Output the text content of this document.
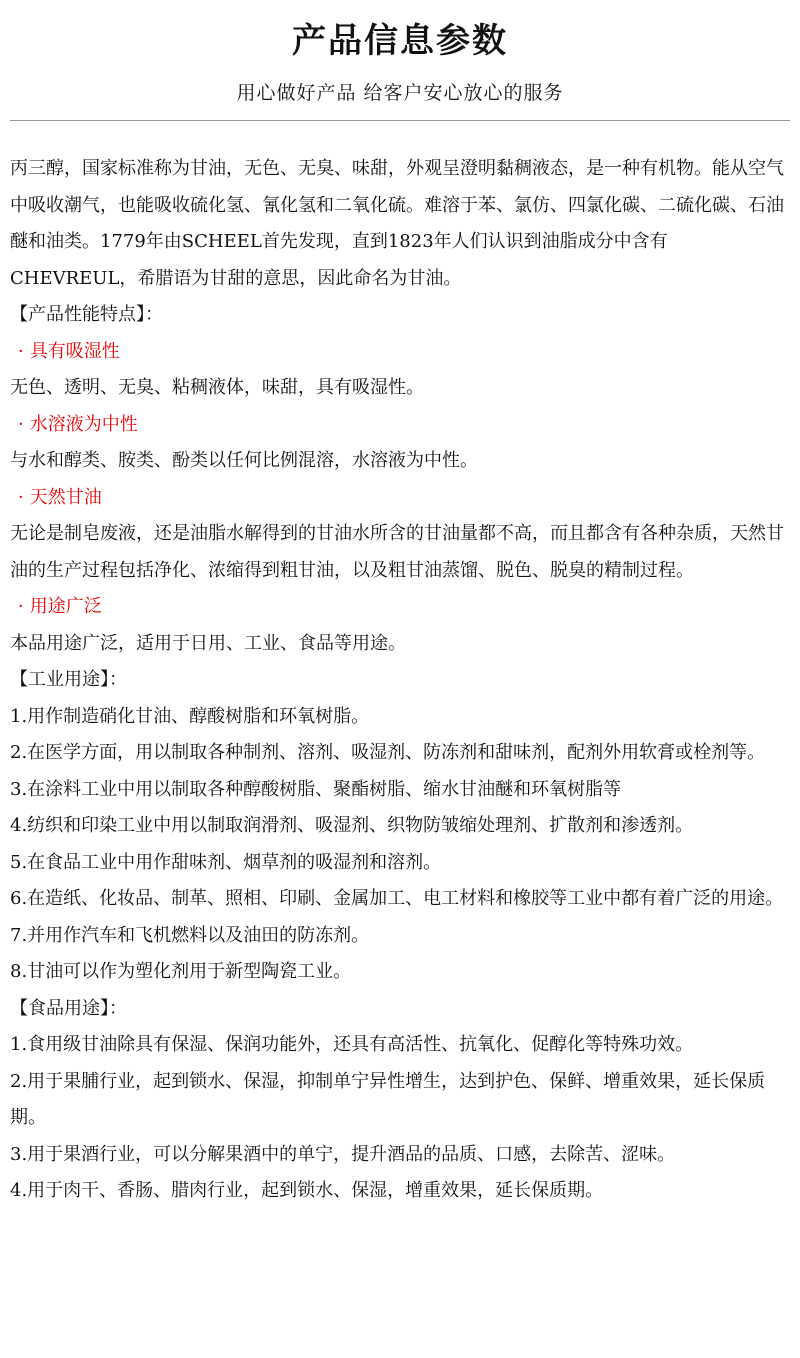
产品信息参数
用心做好产品 给客户安心放心的服务

丙三醇，国家标准称为甘油，无色、无臭、味甜，外观呈澄明黏稠液态，是一种有机物。能从空气中吸收潮气，也能吸收硫化氢、氰化氢和二氧化硫。难溶于苯、氯仿、四氯化碳、二硫化碳、石油醚和油类。1779年由SCHEEL首先发现，直到1823年人们认识到油脂成分中含有CHEVREUL，希腊语为甘甜的意思，因此命名为甘油。

【产品性能特点】：

· 具有吸湿性

无色、透明、无臭、粘稠液体，味甜，具有吸湿性。

· 水溶液为中性

与水和醇类、胺类、酚类以任何比例混溶，水溶液为中性。

· 天然甘油

无论是制皂废液，还是油脂水解得到的甘油水所含的甘油量都不高，而且都含有各种杂质，天然甘油的生产过程包括净化、浓缩得到粗甘油，以及粗甘油蒸馏、脱色、脱臭的精制过程。

· 用途广泛

本品用途广泛，适用于日用、工业、食品等用途。

【工业用途】：

1.用作制造硝化甘油、醇酸树脂和环氧树脂。

2.在医学方面，用以制取各种制剂、溶剂、吸湿剂、防冻剂和甜味剂，配剂外用软膏或栓剂等。

3.在涂料工业中用以制取各种醇酸树脂、聚酯树脂、缩水甘油醚和环氧树脂等

4.纺织和印染工业中用以制取润滑剂、吸湿剂、织物防皱缩处理剂、扩散剂和渗透剂。

5.在食品工业中用作甜味剂、烟草剂的吸湿剂和溶剂。

6.在造纸、化妆品、制革、照相、印刷、金属加工、电工材料和橡胶等工业中都有着广泛的用途。

7.并用作汽车和飞机燃料以及油田的防冻剂。

8.甘油可以作为塑化剂用于新型陶瓷工业。

【食品用途】：

1.食用级甘油除具有保湿、保润功能外，还具有高活性、抗氧化、促醇化等特殊功效。

2.用于果脯行业，起到锁水、保湿，抑制单宁异性增生，达到护色、保鲜、增重效果，延长保质期。

3.用于果酒行业，可以分解果酒中的单宁，提升酒品的品质、口感，去除苦、涩味。

4.用于肉干、香肠、腊肉行业，起到锁水、保湿，增重效果，延长保质期。
